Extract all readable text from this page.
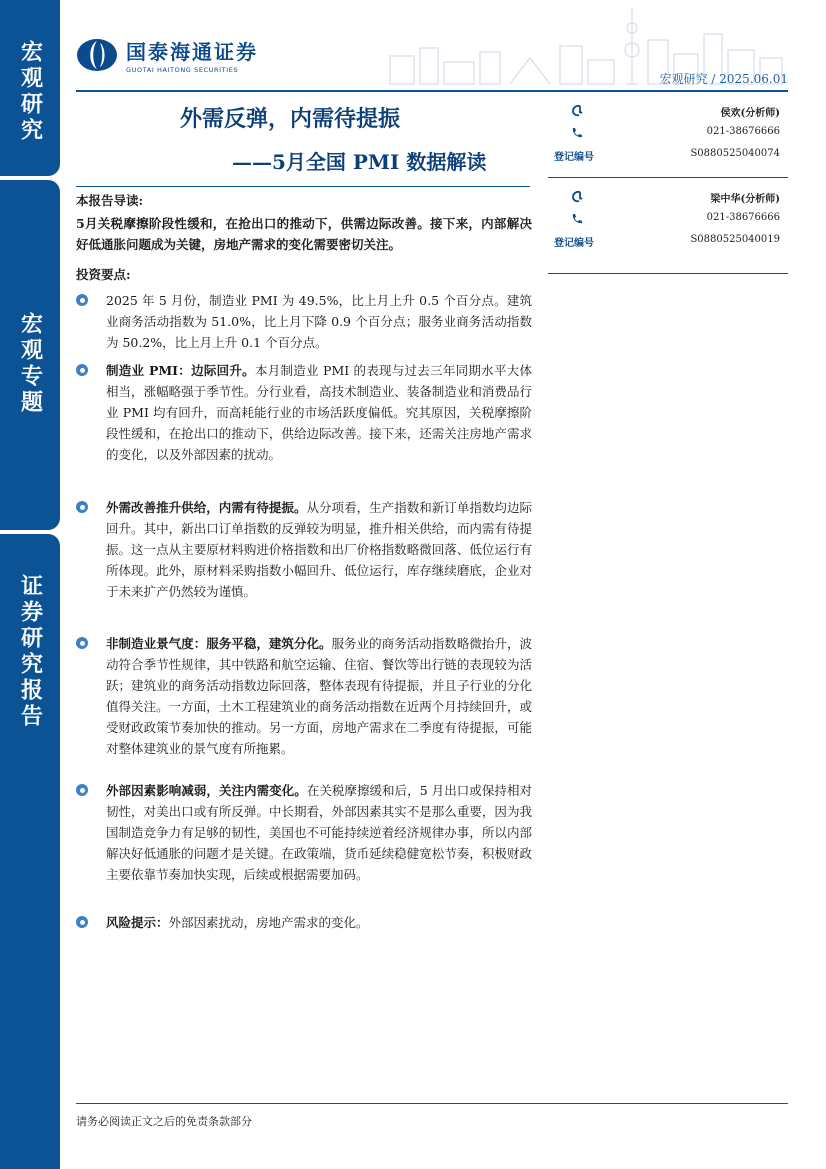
宏观研究
宏观专题
证券研究报告
国泰海通证券
GUOTAI HAITONG SECURITIES
宏观研究 / 2025.06.01
外需反弹，内需待提振
——5月全国 PMI 数据解读
侯欢(分析师)
021-38676666
登记编号	S0880525040074
梁中华(分析师)
021-38676666
登记编号	S0880525040019
本报告导读:
5月关税摩擦阶段性缓和，在抢出口的推动下，供需边际改善。接下来，内部解决好低通胀问题成为关键，房地产需求的变化需要密切关注。
投资要点:
2025 年 5 月份，制造业 PMI 为 49.5%，比上月上升 0.5 个百分点。建筑业商务活动指数为 51.0%，比上月下降 0.9 个百分点；服务业商务活动指数为 50.2%，比上月上升 0.1 个百分点。
制造业 PMI：边际回升。本月制造业 PMI 的表现与过去三年同期水平大体相当，涨幅略强于季节性。分行业看，高技术制造业、装备制造业和消费品行业 PMI 均有回升，而高耗能行业的市场活跃度偏低。究其原因，关税摩擦阶段性缓和，在抢出口的推动下，供给边际改善。接下来，还需关注房地产需求的变化，以及外部因素的扰动。
外需改善推升供给，内需有待提振。从分项看，生产指数和新订单指数均边际回升。其中，新出口订单指数的反弹较为明显，推升相关供给，而内需有待提振。这一点从主要原材料购进价格指数和出厂价格指数略微回落、低位运行有所体现。此外，原材料采购指数小幅回升、低位运行，库存继续磨底，企业对于未来扩产仍然较为谨慎。
非制造业景气度：服务平稳，建筑分化。服务业的商务活动指数略微抬升，波动符合季节性规律，其中铁路和航空运输、住宿、餐饮等出行链的表现较为活跃；建筑业的商务活动指数边际回落，整体表现有待提振，并且子行业的分化值得关注。一方面，土木工程建筑业的商务活动指数在近两个月持续回升，或受财政政策节奏加快的推动。另一方面，房地产需求在二季度有待提振，可能对整体建筑业的景气度有所拖累。
外部因素影响减弱，关注内需变化。在关税摩擦缓和后，5 月出口或保持相对韧性，对美出口或有所反弹。中长期看，外部因素其实不是那么重要，因为我国制造竞争力有足够的韧性，美国也不可能持续逆着经济规律办事，所以内部解决好低通胀的问题才是关键。在政策端，货币延续稳健宽松节奏，积极财政主要依靠节奏加快实现，后续或根据需要加码。
风险提示：外部因素扰动，房地产需求的变化。
请务必阅读正文之后的免责条款部分
